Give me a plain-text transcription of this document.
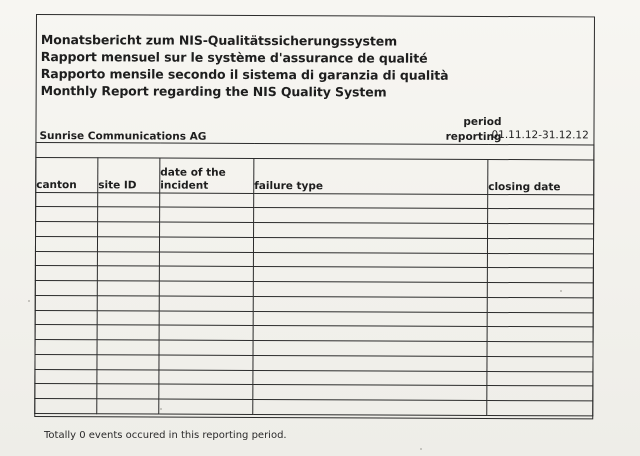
Monatsbericht zum NIS-Qualitätssicherungssystem
Rapport mensuel sur le système d'assurance de qualité
Rapporto mensile secondo il sistema di garanzia di qualità
Monthly Report regarding the NIS Quality System
Sunrise Communications AG
period
reporting
01.11.12-31.12.12

canton	site ID	date of the incident	failure type	closing date

Totally 0 events occured in this reporting period.
